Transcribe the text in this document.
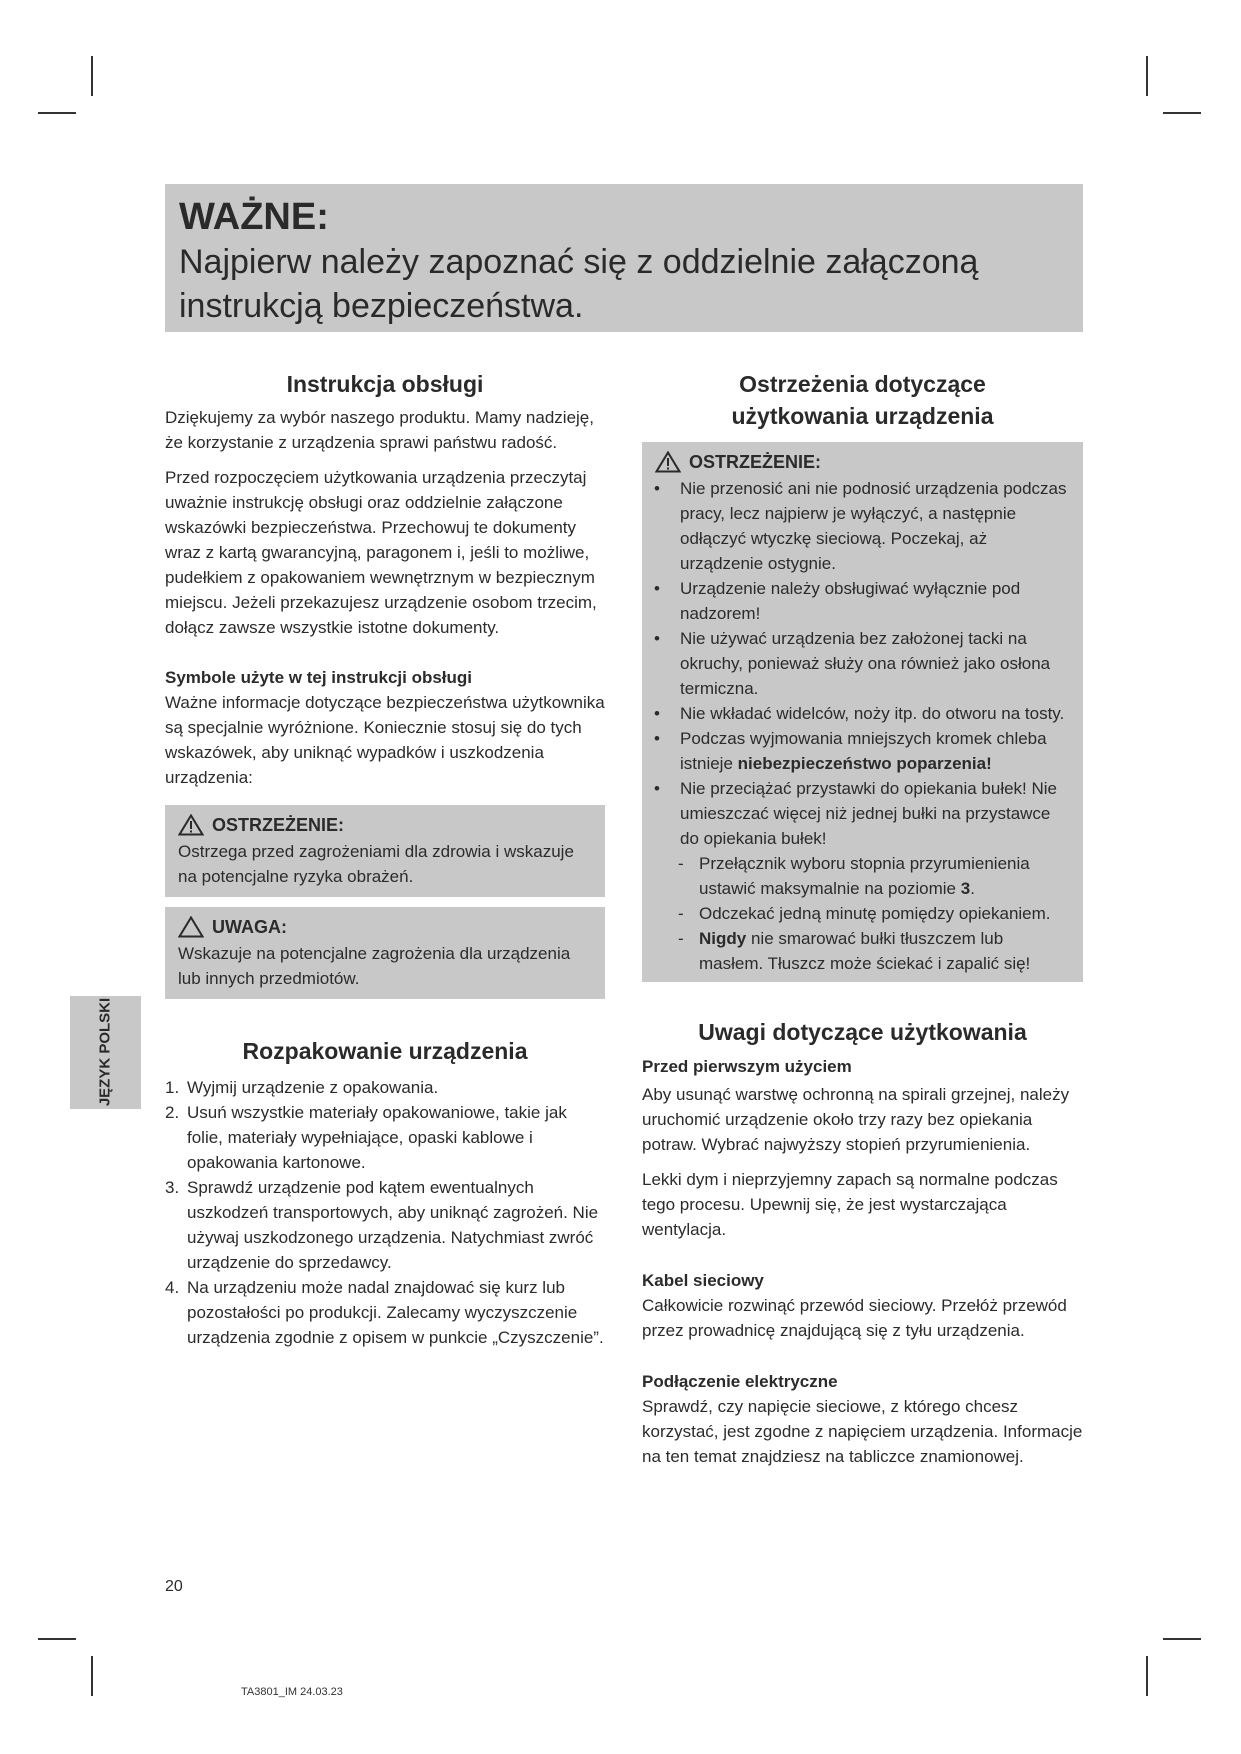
WAŻNE:
Najpierw należy zapoznać się z oddzielnie załączoną instrukcją bezpieczeństwa.
Instrukcja obsługi

Dziękujemy za wybór naszego produktu. Mamy nadzieję, że korzystanie z urządzenia sprawi państwu radość.

Przed rozpoczęciem użytkowania urządzenia przeczytaj uważnie instrukcję obsługi oraz oddzielnie załączone wskazówki bezpieczeństwa. Przechowuj te dokumenty wraz z kartą gwarancyjną, paragonem i, jeśli to możliwe, pudełkiem z opakowaniem wewnętrznym w bezpiecznym miejscu. Jeżeli przekazujesz urządzenie osobom trzecim, dołącz zawsze wszystkie istotne dokumenty.

Symbole użyte w tej instrukcji obsługi

Ważne informacje dotyczące bezpieczeństwa użytkownika są specjalnie wyróżnione. Koniecznie stosuj się do tych wskazówek, aby uniknąć wypadków i uszkodzenia urządzenia:

OSTRZEŻENIE:

Ostrzega przed zagrożeniami dla zdrowia i wskazuje na potencjalne ryzyka obrażeń.

UWAGA:

Wskazuje na potencjalne zagrożenia dla urządzenia lub innych przedmiotów.

Rozpakowanie urządzenia
1. Wyjmij urządzenie z opakowania.
2. Usuń wszystkie materiały opakowaniowe, takie jak folie, materiały wypełniające, opaski kablowe i opakowania kartonowe.
3. Sprawdź urządzenie pod kątem ewentualnych uszkodzeń transportowych, aby uniknąć zagrożeń. Nie używaj uszkodzonego urządzenia. Natychmiast zwróć urządzenie do sprzedawcy.
4. Na urządzeniu może nadal znajdować się kurz lub pozostałości po produkcji. Zalecamy wyczyszczenie urządzenia zgodnie z opisem w punkcie „Czyszczenie”.
Ostrzeżenia dotyczące
użytkowania urządzenia
OSTRZEŻENIE:
• Nie przenosić ani nie podnosić urządzenia podczas pracy, lecz najpierw je wyłączyć, a następnie odłączyć wtyczkę sieciową. Poczekaj, aż urządzenie ostygnie.
• Urządzenie należy obsługiwać wyłącznie pod nadzorem!
• Nie używać urządzenia bez założonej tacki na okruchy, ponieważ służy ona również jako osłona termiczna.
• Nie wkładać widelców, noży itp. do otworu na tosty.
• Podczas wyjmowania mniejszych kromek chleba istnieje niebezpieczeństwo poparzenia!
• Nie przeciążać przystawki do opiekania bułek! Nie umieszczać więcej niż jednej bułki na przystawce do opiekania bułek!
- Przełącznik wyboru stopnia przyrumienienia ustawić maksymalnie na poziomie 3.
- Odczekać jedną minutę pomiędzy opiekaniem.
- Nigdy nie smarować bułki tłuszczem lub masłem. Tłuszcz może ściekać i zapalić się!
Uwagi dotyczące użytkowania
Przed pierwszym użyciem

Aby usunąć warstwę ochronną na spirali grzejnej, należy uruchomić urządzenie około trzy razy bez opiekania potraw. Wybrać najwyższy stopień przyrumienienia.

Lekki dym i nieprzyjemny zapach są normalne podczas tego procesu. Upewnij się, że jest wystarczająca wentylacja.

Kabel sieciowy

Całkowicie rozwinąć przewód sieciowy. Przełóż przewód przez prowadnicę znajdującą się z tyłu urządzenia.

Podłączenie elektryczne

Sprawdź, czy napięcie sieciowe, z którego chcesz korzystać, jest zgodne z napięciem urządzenia. Informacje na ten temat znajdziesz na tabliczce znamionowej.

JĘZYK POLSKI
20
TA3801_IM 24.03.23
